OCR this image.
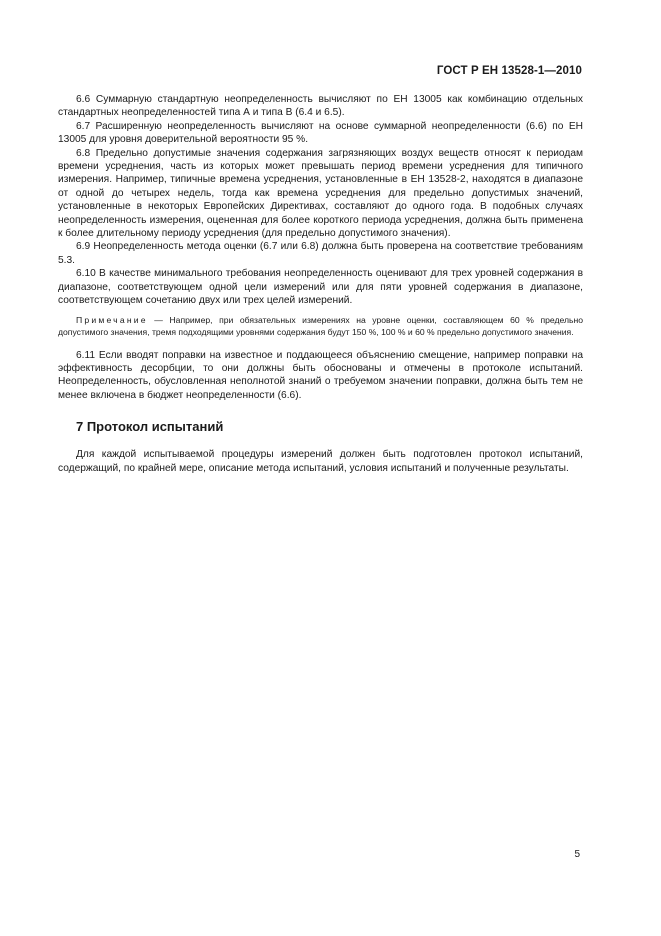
ГОСТ Р ЕН 13528-1—2010

6.6 Суммарную стандартную неопределенность вычисляют по ЕН 13005 как комбинацию отдельных стандартных неопределенностей типа А и типа В (6.4 и 6.5).

6.7 Расширенную неопределенность вычисляют на основе суммарной неопределенности (6.6) по ЕН 13005 для уровня доверительной вероятности 95 %.

6.8 Предельно допустимые значения содержания загрязняющих воздух веществ относят к периодам времени усреднения, часть из которых может превышать период времени усреднения для типичного измерения. Например, типичные времена усреднения, установленные в ЕН 13528-2, находятся в диапазоне от одной до четырех недель, тогда как времена усреднения для предельно допустимых значений, установленные в некоторых Европейских Директивах, составляют до одного года. В подобных случаях неопределенность измерения, оцененная для более короткого периода усреднения, должна быть применена к более длительному периоду усреднения (для предельно допустимого значения).

6.9 Неопределенность метода оценки (6.7 или 6.8) должна быть проверена на соответствие требованиям 5.3.

6.10 В качестве минимального требования неопределенность оценивают для трех уровней содержания в диапазоне, соответствующем одной цели измерений или для пяти уровней содержания в диапазоне, соответствующем сочетанию двух или трех целей измерений.

Примечание — Например, при обязательных измерениях на уровне оценки, составляющем 60 % предельно допустимого значения, тремя подходящими уровнями содержания будут 150 %, 100 % и 60 % предельно допустимого значения.

6.11 Если вводят поправки на известное и поддающееся объяснению смещение, например поправки на эффективность десорбции, то они должны быть обоснованы и отмечены в протоколе испытаний. Неопределенность, обусловленная неполнотой знаний о требуемом значении поправки, должна быть тем не менее включена в бюджет неопределенности (6.6).

7 Протокол испытаний

Для каждой испытываемой процедуры измерений должен быть подготовлен протокол испытаний, содержащий, по крайней мере, описание метода испытаний, условия испытаний и полученные результаты.

5
